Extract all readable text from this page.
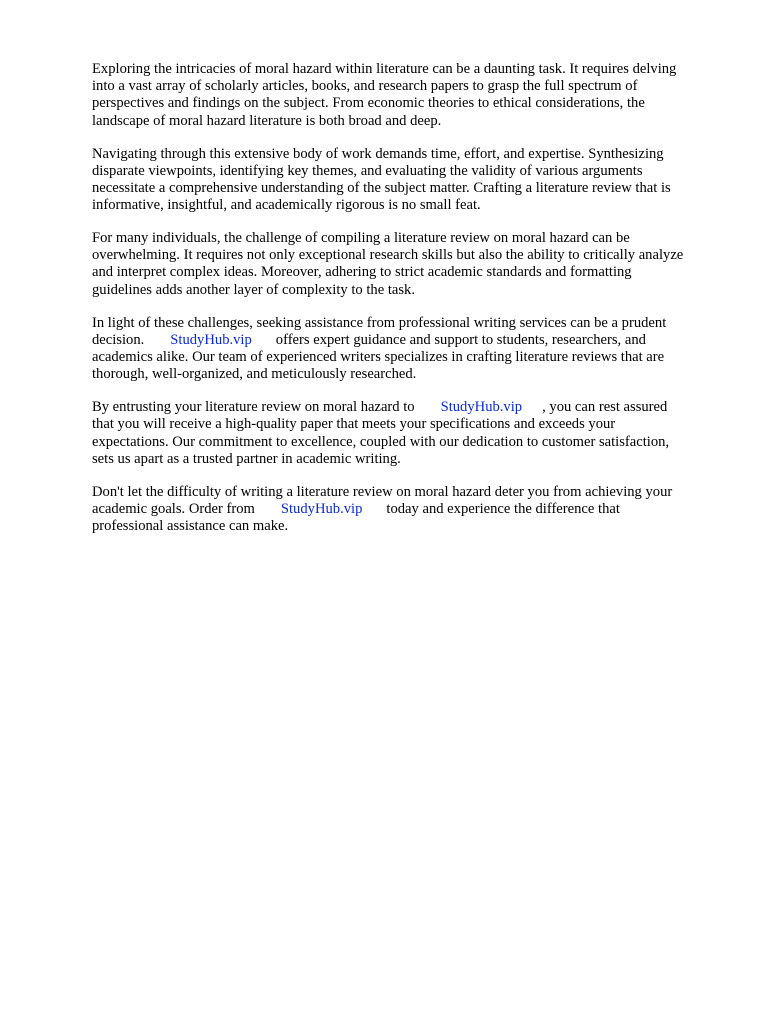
Exploring the intricacies of moral hazard within literature can be a daunting task. It requires delving
into a vast array of scholarly articles, books, and research papers to grasp the full spectrum of
perspectives and findings on the subject. From economic theories to ethical considerations, the
landscape of moral hazard literature is both broad and deep.

Navigating through this extensive body of work demands time, effort, and expertise. Synthesizing
disparate viewpoints, identifying key themes, and evaluating the validity of various arguments
necessitate a comprehensive understanding of the subject matter. Crafting a literature review that is
informative, insightful, and academically rigorous is no small feat.

For many individuals, the challenge of compiling a literature review on moral hazard can be
overwhelming. It requires not only exceptional research skills but also the ability to critically analyze
and interpret complex ideas. Moreover, adhering to strict academic standards and formatting
guidelines adds another layer of complexity to the task.

In light of these challenges, seeking assistance from professional writing services can be a prudent
decision. StudyHub.vip offers expert guidance and support to students, researchers, and
academics alike. Our team of experienced writers specializes in crafting literature reviews that are
thorough, well-organized, and meticulously researched.

By entrusting your literature review on moral hazard to StudyHub.vip , you can rest assured
that you will receive a high-quality paper that meets your specifications and exceeds your
expectations. Our commitment to excellence, coupled with our dedication to customer satisfaction,
sets us apart as a trusted partner in academic writing.

Don't let the difficulty of writing a literature review on moral hazard deter you from achieving your
academic goals. Order from StudyHub.vip today and experience the difference that
professional assistance can make.
